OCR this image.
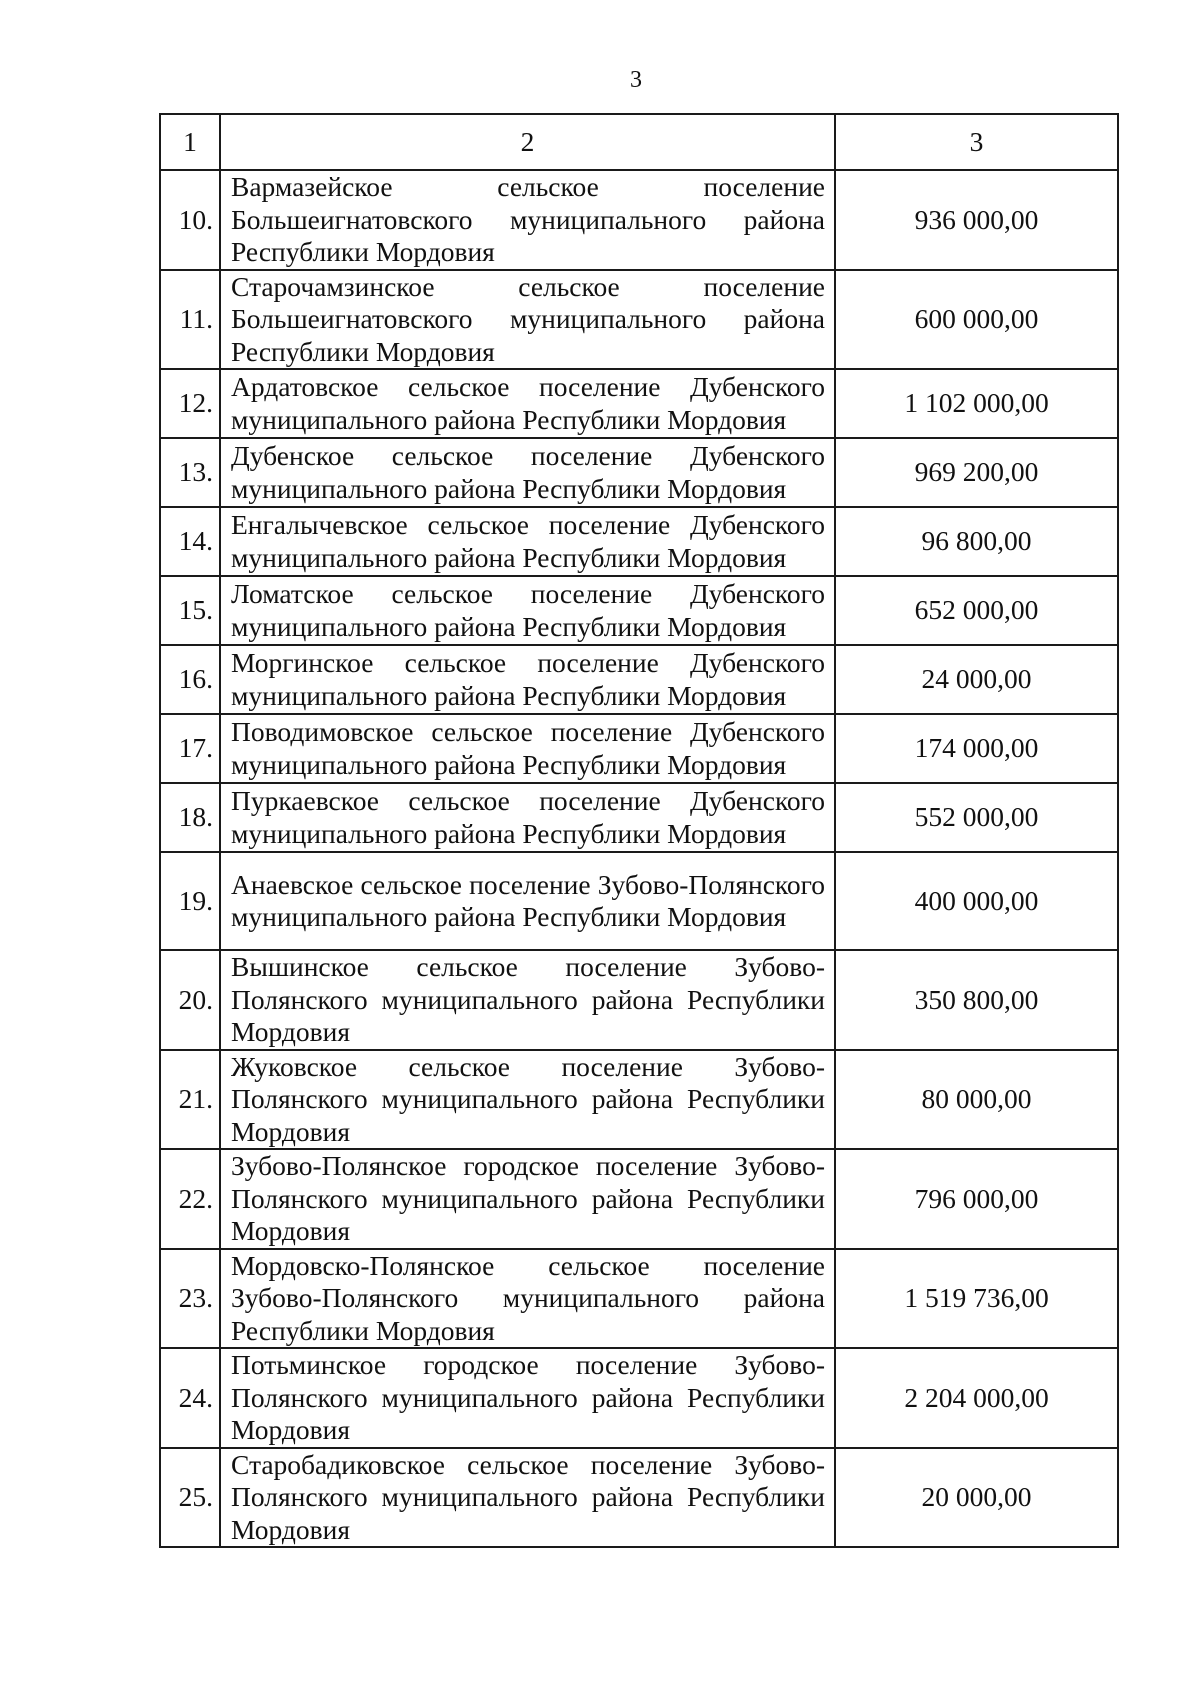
3
1	2	3
10.	Вармазейское сельское поселение Большеигнатовского муниципального района Республики Мордовия	936 000,00
11.	Старочамзинское сельское поселение Большеигнатовского муниципального района Республики Мордовия	600 000,00
12.	Ардатовское сельское поселение Дубенского муниципального района Республики Мордовия	1 102 000,00
13.	Дубенское сельское поселение Дубенского муниципального района Республики Мордовия	969 200,00
14.	Енгалычевское сельское поселение Дубенского муниципального района Республики Мордовия	96 800,00
15.	Ломатское сельское поселение Дубенского муниципального района Республики Мордовия	652 000,00
16.	Моргинское сельское поселение Дубенского муниципального района Республики Мордовия	24 000,00
17.	Поводимовское сельское поселение Дубенского муниципального района Республики Мордовия	174 000,00
18.	Пуркаевское сельское поселение Дубенского муниципального района Республики Мордовия	552 000,00
19.	Анаевское сельское поселение Зубово-Полянского муниципального района Республики Мордовия	400 000,00
20.	Вышинское сельское поселение Зубово-Полянского муниципального района Республики Мордовия	350 800,00
21.	Жуковское сельское поселение Зубово-Полянского муниципального района Республики Мордовия	80 000,00
22.	Зубово-Полянское городское поселение Зубово-Полянского муниципального района Республики Мордовия	796 000,00
23.	Мордовско-Полянское сельское поселение Зубово-Полянского муниципального района Республики Мордовия	1 519 736,00
24.	Потьминское городское поселение Зубово-Полянского муниципального района Республики Мордовия	2 204 000,00
25.	Старобадиковское сельское поселение Зубово-Полянского муниципального района Республики Мордовия	20 000,00
